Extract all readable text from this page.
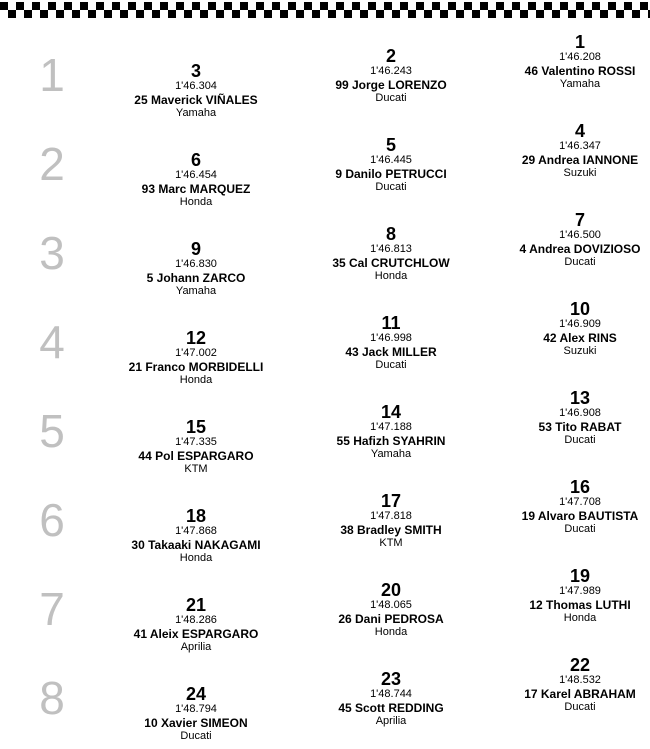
1	3
1'46.304
25 Maverick VIÑALES
Yamaha
2
1'46.243
99 Jorge LORENZO
Ducati
1
1'46.208
46 Valentino ROSSI
Yamaha
2	6
1'46.454
93 Marc MARQUEZ
Honda
5
1'46.445
9 Danilo PETRUCCI
Ducati
4
1'46.347
29 Andrea IANNONE
Suzuki
3	9
1'46.830
5 Johann ZARCO
Yamaha
8
1'46.813
35 Cal CRUTCHLOW
Honda
7
1'46.500
4 Andrea DOVIZIOSO
Ducati
4	12
1'47.002
21 Franco MORBIDELLI
Honda
11
1'46.998
43 Jack MILLER
Ducati
10
1'46.909
42 Alex RINS
Suzuki
5	15
1'47.335
44 Pol ESPARGARO
KTM
14
1'47.188
55 Hafizh SYAHRIN
Yamaha
13
1'46.908
53 Tito RABAT
Ducati
6	18
1'47.868
30 Takaaki NAKAGAMI
Honda
17
1'47.818
38 Bradley SMITH
KTM
16
1'47.708
19 Alvaro BAUTISTA
Ducati
7	21
1'48.286
41 Aleix ESPARGARO
Aprilia
20
1'48.065
26 Dani PEDROSA
Honda
19
1'47.989
12 Thomas LUTHI
Honda
8	24
1'48.794
10 Xavier SIMEON
Ducati
23
1'48.744
45 Scott REDDING
Aprilia
22
1'48.532
17 Karel ABRAHAM
Ducati
